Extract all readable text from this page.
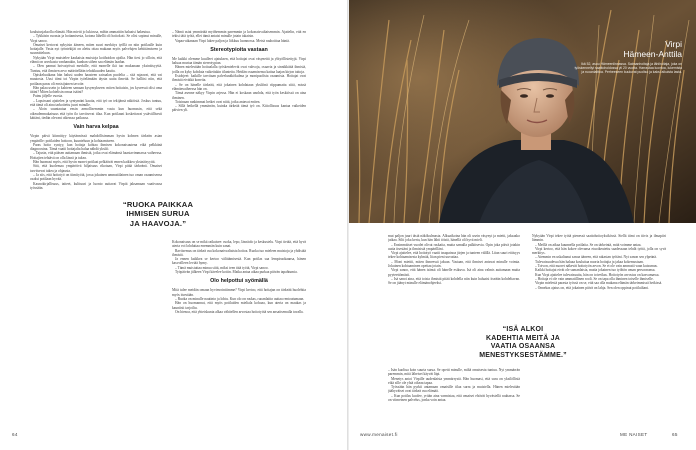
koulutusjaksolla elämää. Hän mietti jo lukiossa, mihin ammattiin haluaisi hakeutua.

– Tykkäsin ruoasta ja hoitamisesta, kotona lähellä oli hoitokoti. Se olisi sopinut minulle, Virpi sanoo.

Omaiset kertovat nykyisin ääneen, miten suuri merkitys työllä on niin potilaalle kuin hoitajalle. Vasta nyt työntekijät on alettu ottaa mukaan myös palvelujen kehittämiseen ja suunnitteluun.

Nykyään Virpi muistelee kaukaisia muistoja kotihoidon ajoilta. Hän tiesi jo silloin, että elämä on arvokasta vanhanakin, kunhan siihen saa elämän laadun.

– Olen pannut hoivatyössä merkille, että monelle ikä tuo mukanaan yksinäisyyttä. Tuntuu, että ihmisen arvo määritellään tehokkuuden kautta.

Opiskeluaikana hän halusi uuden haasteen sairaalan puolelta – sitä rajaavat, että vai muutosta. Uusi tiimi toi Virpin työelämään täysin uutta ilmettä. Se hallitsi niin, että potilaan paras oli ensisijainen tavoite.

Hän palaa usein jo kahteen samaan kysymykseen: miten hoitaisin, jos kyseessä olisi oma äitini? Miten kohtelisin omaa isääni?

Painu jäljelle vuosia.

– Lapsissani ajattelen ja syntymäni kautta, että työ on tekijänsä näköistä. Joskus tuntuu, että tämä oli aina tarkoitettu juuri minulle.

– Aloin suuntautua ensin armollisemmin vasta kun huomasin, että sekä oikeudenmukaisuus että työn ilo tarvitsevat tilaa. Kun potilaani koskettavat ystävällisesti kättäni, tiedän olevani oikeassa paikassa.

Vain harva kelpaa

Virpin päivä kiinnittyy käytännössä mahdollisimman hyvin kolmen tärkeän asian ympärille: potilaiden hoitoon, kuunteluun ja kohtaamiseen.

Paras hoito syntyy, kun hoitaja kohtaa ihmisen kokonaisuutena eikä pelkkänä diagnoosina. Tämä vaatii hoitajalta halua nähdä yksilö.

– Tajusin, että pääsen auttamaan ihmisiä, jotka ovat elämänsä haastavimmassa vaiheessa. Hoitajien tehtävä on olla läsnä ja tukea.

Hän huomasi myös, että hyvin monet potilaat pelkäävät ennen kaikkea yksinäisyyttä.

Sitä, että kuolemaa ympäröivä hiljaisuus rikotaan, Virpi pitää tärkeänä. Omaiset tarvitsevat tukea ja ohjausta.

– Ja siis, että hoitotyö on tiimityötä, jossa jokainen ammattilainen tuo oman osaamisensa osaksi potilaan hyvää.

Kaunokirjallisuus, taiteet, kulttuuri ja luonto auttavat Virpiä jaksamaan vaativassa työssään.

– Nämä asiat ymmärtää myöhemmin paremmin ja kokonaisvaltaisemmin. Ajattelin, että en tekisi tätä työtä, ellei tämä antaisi minulle jotain takaisin.

Vapaa-aikanaan Virpi lukee paljon ja liikkuu luonnossa. Metsä rauhoittaa häntä.

Stereotypioita vastaan

Me kaikki olemme kuulleet ajatuksen, että hoitajat ovat väsyneitä ja ylityöllistettyjä. Virpi haluaa murtaa tämän stereotypian.

Hänen mielestään hoitoalalla työskentelevät ovat vahvoja, osaavia ja sinnikkäitä ihmisiä, joilla on kyky kohdata vaikeitakin tilanteita. Heidän osaamisensa kattaa laajan kirjon taitoja.

Esiohjeet: kaikille tarvitaan palvelunäkökulma ja monipuolista osaamista. Hoitajat ovat ihmisiä eivätkä koneita.

– Se on hänelle tärkeää, että jokainen kohdataan yksilönä riippumatta siitä, missä elämänvaiheessa hän on.

Tämä asenne näkyy Virpin arjessa. Hän ei koskaan unohda, että työn keskiössä on aina ihminen.

Toisinaan rankimmat hetket ovat niitä, jotka antavat eniten.

– Sillä hetkellä ymmärrän, kuinka tärkeää tämä työ on. Kiitollisuus kantaa vaikeiden päivien yli.

“RUOKA PAIKKAA
IHMISEN SURUA
JA HAAVOJA.”

Kokonaisuus on se mikä ratkaisee: ruoka, lepo, läsnäolo ja keskustelu. Virpi tietää, että hyvä ateria voi lohduttaa enemmän kuin sanat.

Ravitsemus on tärkeä osa kokonaisvaltaista hoitoa. Ruoka tuo mieleen muistoja ja yhdistää ihmisiä.

Ja ennen kaikkea se kertoo välittämisestä. Kun potilas saa lempiruokaansa, hänen kasvoilleen leviää hymy.

– Tämä muistuttaa minua siitä, miksi teen tätä työtä, Virpi sanoo.

Työpäivän jälkeen Virpi kävelee kotiin. Matka antaa aikaa purkaa päivän tapahtumia.

Olo helpottui syömällä

Mitä tulee meidän omaan hyvinvointiimme? Virpi kertoo, että hoitajan on tärkeää huolehtia myös itsestään.

– Ruoka on minulle nautinto ja lohtu. Kun olo on raskas, ruoanlaitto auttaa rentoutumaan.

Hän on huomannut, että myös potilaiden mieliala kohoaa, kun ateria on maukas ja kauniisti tarjoiltu.

On hienoa, että yhteiskunta alkaa vähitellen arvostaa hoitotyötä sen ansaitsemalla tavalla.

64	www.menaiset.fi
Virpi
Hämeen-Anttila
Ikä 52, asuu Hämeenlinnassa. Sairaanhoitaja ja lähihoitaja, joka on työskennellyt saattohoidossa yli 20 vuotta. Harrastaa luontoa, lukemista ja ruoanlaittoa. Perheeseen kuuluvat puoliso ja kaksi aikuista lasta.

mut paljon juuri tästä näkökulmasta. Alkuaikoina hän oli usein väsynyt ja mietti, jaksaako jatkaa. Silti joka kerta, kun hän lähti töistä, hänellä oli hyvä mieli.

– Ensimmäiset vuodet olivat raskaita, mutta samalla palkitsevia. Opin joka päivä jotakin uutta itsestäni ja ihmisistä ympärilläni.

Virpi ajattelee, että hoitotyö vaatii tasapainoa järjen ja tunteen välillä. Liian suuri etäisyys tekee kohtaamisesta kylmää, liian pieni uuvuttaa.

– Moni miettii, miten ihmeessä jaksan. Vastaan, että ihmiset antavat minulle voimia. Jokainen kohtaaminen opettaa jotain.

Virpi sanoo, että hänen isänsä oli hänelle esikuva. Isä oli aina valmis auttamaan muita pyyteettömästi.

– Isä sanoi aina, että toista ihmistä pitää kohdella niin kuin haluaisi itseään kohdeltavan. Se on jäänyt minulle elämänohjeeksi.

“ISÄ ALKOI
KADEHTIA MEITÄ JA
VAATIA OSAANSA
MENESTYKSESTÄMME.”

– Isän kuoltua koin suurta surua. Se opetti minulle, miltä omaisesta tuntuu. Nyt ymmärrän paremmin, mitä läheiset käyvät läpi.

Menetys antoi Virpille uudenlaista ymmärrystä. Hän huomasi, että suru on yksilöllistä eikä sille ole yhtä oikeaa tapaa.

Työssään hän pyrkii antamaan omaisille tilaa surra ja muistella. Hänen mielestään jäähyväiset ovat tärkeä osa elämää.

– Kun potilas kuolee, yritän aina varmistaa, että omaiset ehtivät hyvästellä rauhassa. Se on viimeinen palvelus, jonka voin antaa.

Nykyään Virpi tekee työtä pienessä saattohoitoyksikössä. Siellä tiimi on tiivis ja ilmapiiri lämmin.

– Meillä on aikaa kuunnella potilaita. Se on tärkeintä, mitä voimme antaa.

Virpi kertoo, että hän kokee olevansa etuoikeutettu saadessaan tehdä työtä, jolla on syvä merkitys.

– Aiemmin en uskaltanut sanoa ääneen, että rakastan työtäni. Nyt sanon sen ylpeänä.

Tulevaisuudessa hän haluaa kouluttaa nuoria hoitajia ja jakaa kokemustaan.

– Toivon, että nuoret näkevät hoitotyön arvon. Se ei ole vain ammatti vaan kutsumus.

Kaikki hoitajat eivät ole samanlaisia, mutta jokainen tuo työhön oman persoonansa.

Kun Virpi ajattelee tulevaisuutta, hän on toiveikas. Hoitotyön arvostus on kasvamassa.

– Hoitaja ei ole vain ammatillinen rooli. Se on tapa olla ihminen toiselle ihmiselle.

Virpin mielestä parasta työssä on se, että saa olla mukana elämän tärkeimmissä hetkissä.

– Onnekas ajatus on, että jokainen päivä on lahja. Sen olen oppinut potilailtani.

ME NAISET	65
